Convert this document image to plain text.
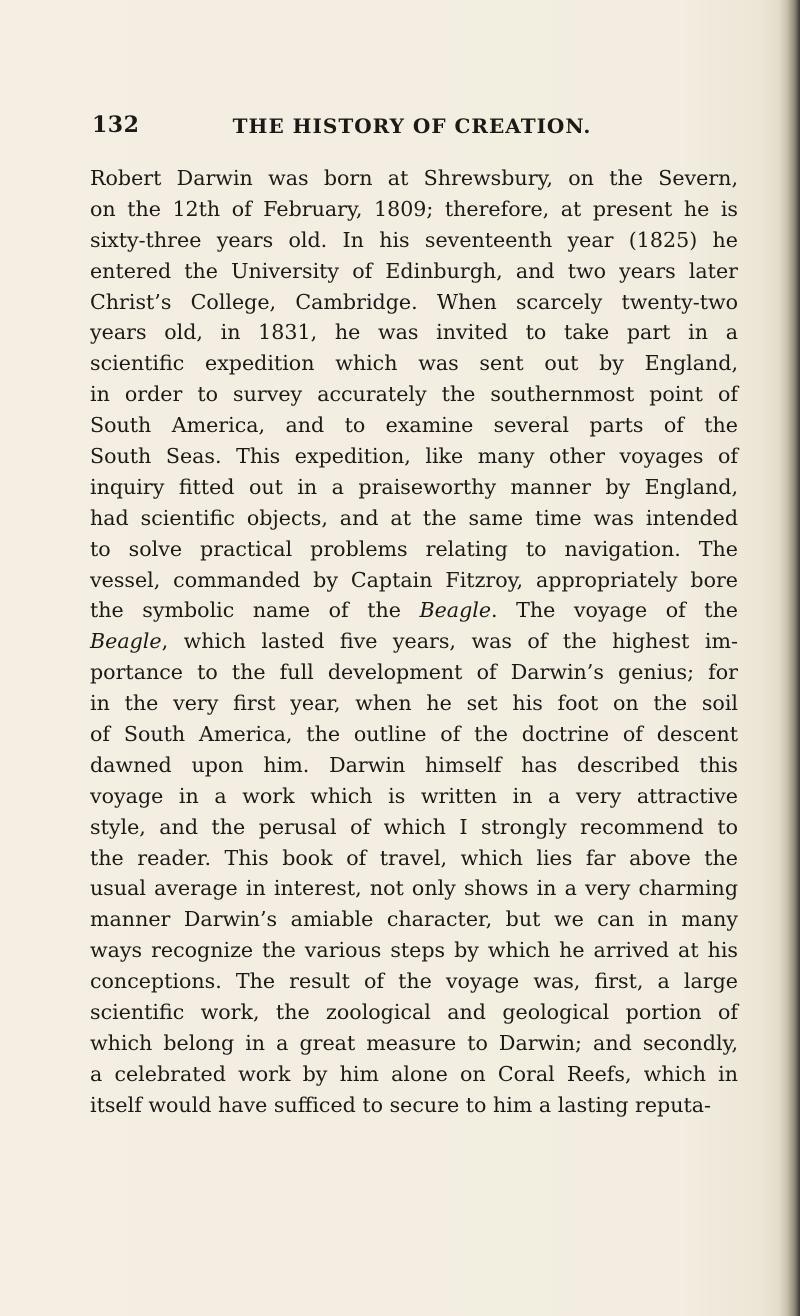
132	THE HISTORY OF CREATION.
Robert Darwin was born at Shrewsbury, on the Severn,
on the 12th of February, 1809; therefore, at present he is
sixty-three years old. In his seventeenth year (1825) he
entered the University of Edinburgh, and two years later
Christ’s College, Cambridge. When scarcely twenty-two
years old, in 1831, he was invited to take part in a
scientific expedition which was sent out by England,
in order to survey accurately the southernmost point of
South America, and to examine several parts of the
South Seas. This expedition, like many other voyages of
inquiry fitted out in a praiseworthy manner by England,
had scientific objects, and at the same time was intended
to solve practical problems relating to navigation. The
vessel, commanded by Captain Fitzroy, appropriately bore
the symbolic name of the Beagle. The voyage of the
Beagle, which lasted five years, was of the highest im-
portance to the full development of Darwin’s genius; for
in the very first year, when he set his foot on the soil
of South America, the outline of the doctrine of descent
dawned upon him. Darwin himself has described this
voyage in a work which is written in a very attractive
style, and the perusal of which I strongly recommend to
the reader. This book of travel, which lies far above the
usual average in interest, not only shows in a very charming
manner Darwin’s amiable character, but we can in many
ways recognize the various steps by which he arrived at his
conceptions. The result of the voyage was, first, a large
scientific work, the zoological and geological portion of
which belong in a great measure to Darwin; and secondly,
a celebrated work by him alone on Coral Reefs, which in
itself would have sufficed to secure to him a lasting reputa-
